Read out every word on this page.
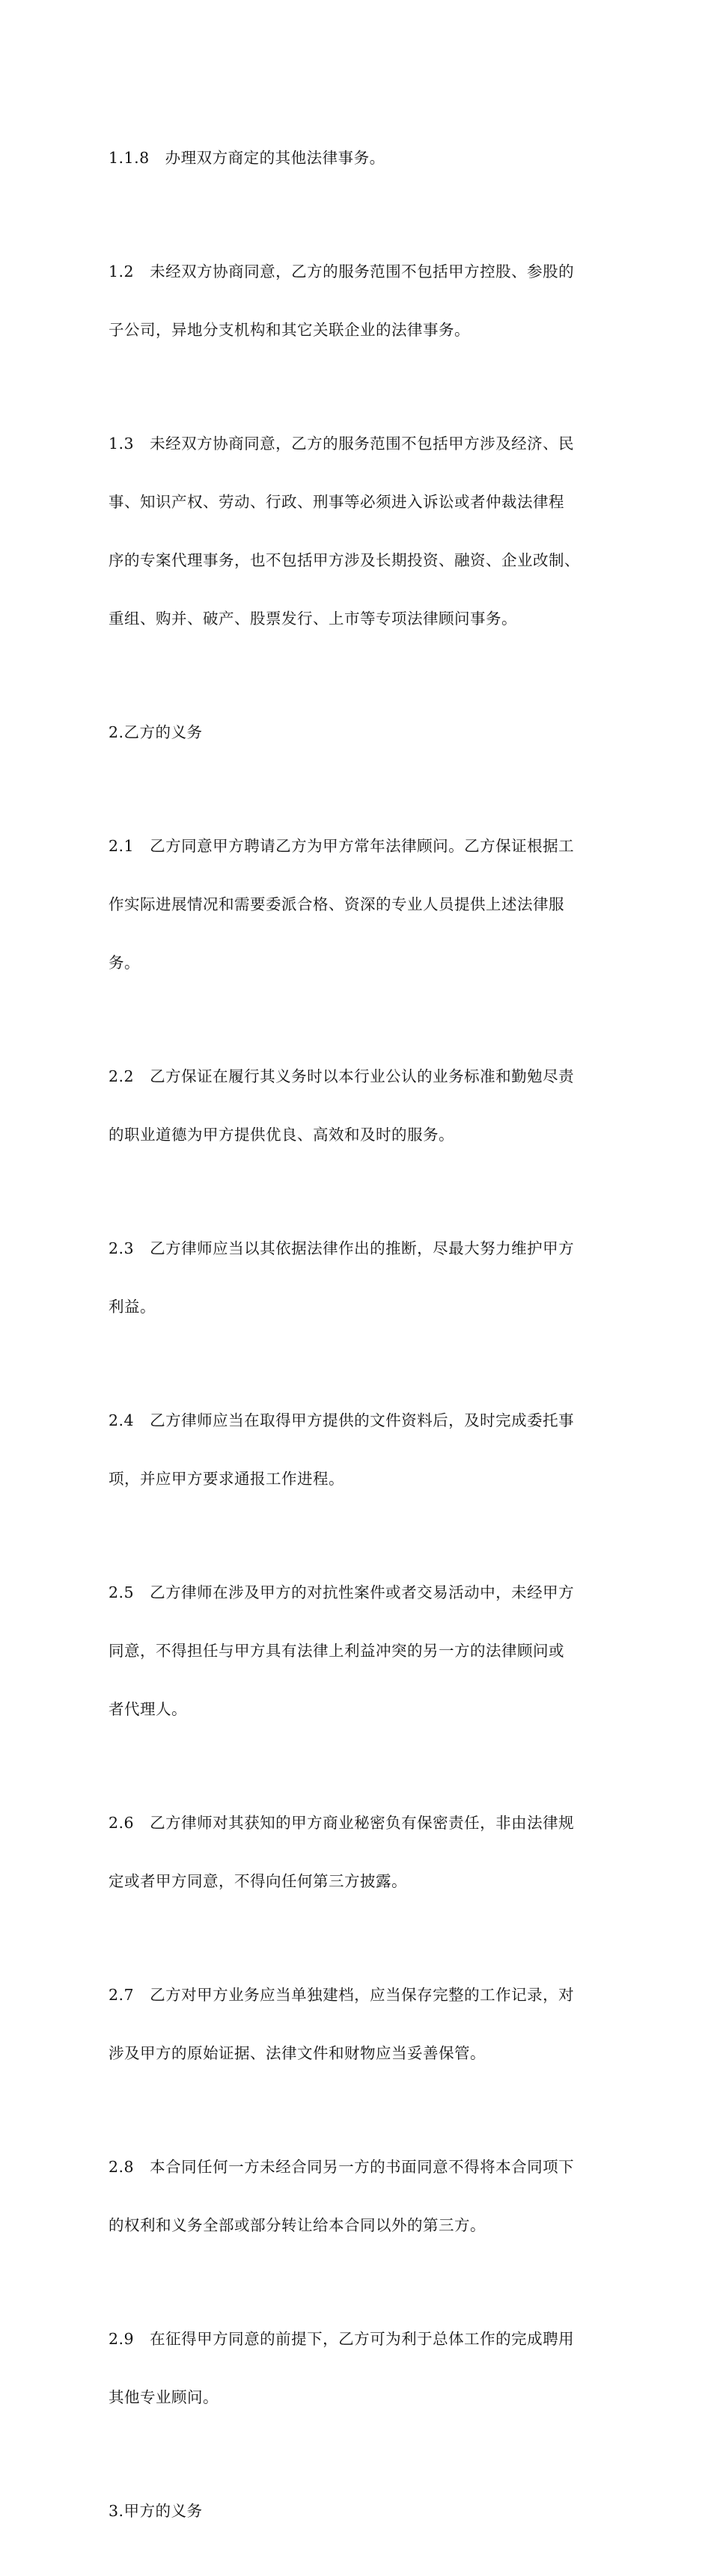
1.1.8　办理双方商定的其他法律事务。

1.2　未经双方协商同意，乙方的服务范围不包括甲方控股、参股的

子公司，异地分支机构和其它关联企业的法律事务。

1.3　未经双方协商同意，乙方的服务范围不包括甲方涉及经济、民

事、知识产权、劳动、行政、刑事等必须进入诉讼或者仲裁法律程

序的专案代理事务，也不包括甲方涉及长期投资、融资、企业改制、

重组、购并、破产、股票发行、上市等专项法律顾问事务。

2.乙方的义务

2.1　乙方同意甲方聘请乙方为甲方常年法律顾问。乙方保证根据工

作实际进展情况和需要委派合格、资深的专业人员提供上述法律服

务。

2.2　乙方保证在履行其义务时以本行业公认的业务标准和勤勉尽责

的职业道德为甲方提供优良、高效和及时的服务。

2.3　乙方律师应当以其依据法律作出的推断，尽最大努力维护甲方

利益。

2.4　乙方律师应当在取得甲方提供的文件资料后，及时完成委托事

项，并应甲方要求通报工作进程。

2.5　乙方律师在涉及甲方的对抗性案件或者交易活动中，未经甲方

同意，不得担任与甲方具有法律上利益冲突的另一方的法律顾问或

者代理人。

2.6　乙方律师对其获知的甲方商业秘密负有保密责任，非由法律规

定或者甲方同意，不得向任何第三方披露。

2.7　乙方对甲方业务应当单独建档，应当保存完整的工作记录，对

涉及甲方的原始证据、法律文件和财物应当妥善保管。

2.8　本合同任何一方未经合同另一方的书面同意不得将本合同项下

的权利和义务全部或部分转让给本合同以外的第三方。

2.9　在征得甲方同意的前提下，乙方可为利于总体工作的完成聘用

其他专业顾问。

3.甲方的义务
